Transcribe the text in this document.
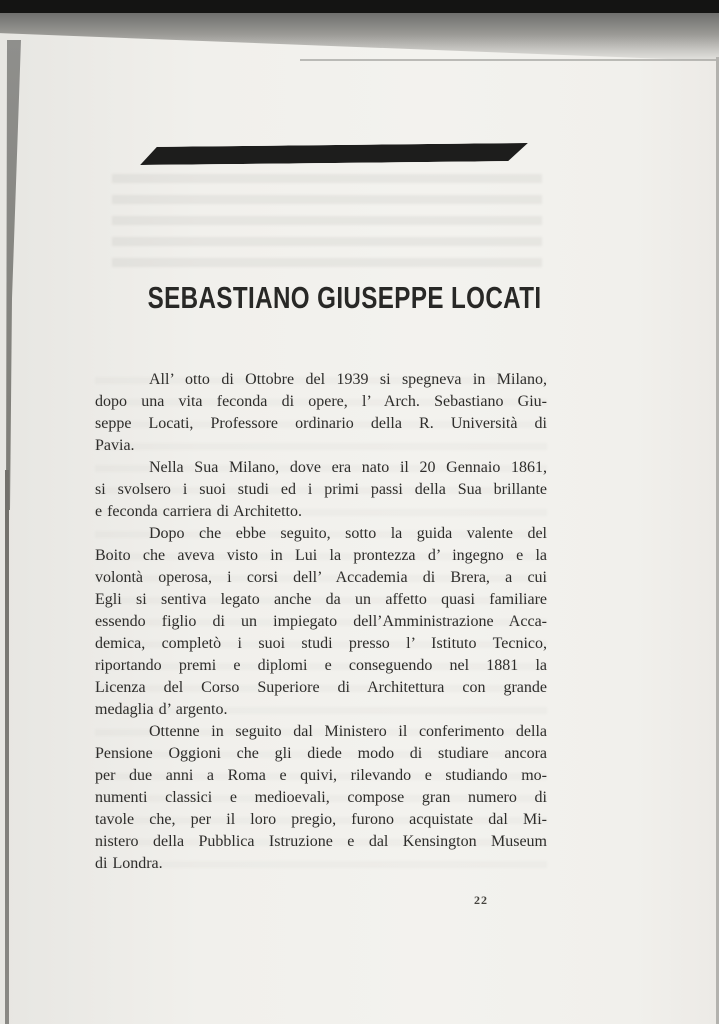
SEBASTIANO GIUSEPPE LOCATI
All’ otto di Ottobre del 1939 si spegneva in Milano,
dopo una vita feconda di opere, l’ Arch. Sebastiano Giu-
seppe Locati, Professore ordinario della R. Università di
Pavia.
Nella Sua Milano, dove era nato il 20 Gennaio 1861,
si svolsero i suoi studi ed i primi passi della Sua brillante
e feconda carriera di Architetto.
Dopo che ebbe seguito, sotto la guida valente del
Boito che aveva visto in Lui la prontezza d’ ingegno e la
volontà operosa, i corsi dell’ Accademia di Brera, a cui
Egli si sentiva legato anche da un affetto quasi familiare
essendo figlio di un impiegato dell’Amministrazione Acca-
demica, completò i suoi studi presso l’ Istituto Tecnico,
riportando premi e diplomi e conseguendo nel 1881 la
Licenza del Corso Superiore di Architettura con grande
medaglia d’ argento.
Ottenne in seguito dal Ministero il conferimento della
Pensione Oggioni che gli diede modo di studiare ancora
per due anni a Roma e quivi, rilevando e studiando mo-
numenti classici e medioevali, compose gran numero di
tavole che, per il loro pregio, furono acquistate dal Mi-
nistero della Pubblica Istruzione e dal Kensington Museum
di Londra.
22
